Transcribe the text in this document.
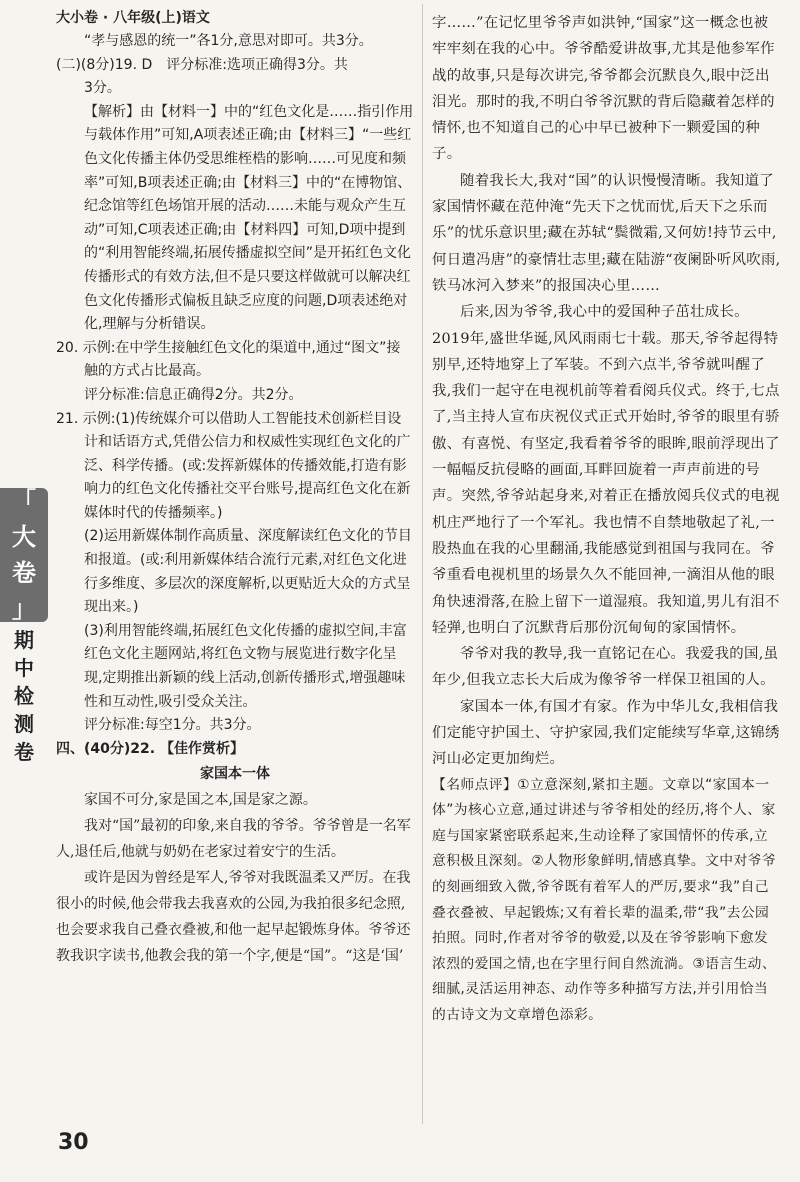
大小卷 · 八年级(上)语文
「
大
卷
」
期中检测卷

“孝与感恩的统一”各1分,意思对即可。共3分。

(二)(8分)19. D　评分标准:选项正确得3分。共

3分。

【解析】由【材料一】中的“红色文化是……指引作用与载体作用”可知,A项表述正确;由【材料三】“一些红色文化传播主体仍受思维桎梏的影响……可见度和频率”可知,B项表述正确;由【材料三】中的“在博物馆、纪念馆等红色场馆开展的活动……未能与观众产生互动”可知,C项表述正确;由【材料四】可知,D项中提到的“利用智能终端,拓展传播虚拟空间”是开拓红色文化传播形式的有效方法,但不是只要这样做就可以解决红色文化传播形式偏板且缺乏应度的问题,D项表述绝对化,理解与分析错误。

20. 示例:在中学生接触红色文化的渠道中,通过“图文”接触的方式占比最高。

评分标准:信息正确得2分。共2分。

21. 示例:(1)传统媒介可以借助人工智能技术创新栏目设计和话语方式,凭借公信力和权威性实现红色文化的广泛、科学传播。(或:发挥新媒体的传播效能,打造有影响力的红色文化传播社交平台账号,提高红色文化在新媒体时代的传播频率。)

(2)运用新媒体制作高质量、深度解读红色文化的节目和报道。(或:利用新媒体结合流行元素,对红色文化进行多维度、多层次的深度解析,以更贴近大众的方式呈现出来。)

(3)利用智能终端,拓展红色文化传播的虚拟空间,丰富红色文化主题网站,将红色文物与展览进行数字化呈现,定期推出新颖的线上活动,创新传播形式,增强趣味性和互动性,吸引受众关注。

评分标准:每空1分。共3分。

四、(40分)22. 【佳作赏析】

家国本一体

家国不可分,家是国之本,国是家之源。

我对“国”最初的印象,来自我的爷爷。爷爷曾是一名军人,退任后,他就与奶奶在老家过着安宁的生活。

或许是因为曾经是军人,爷爷对我既温柔又严厉。在我很小的时候,他会带我去我喜欢的公园,为我拍很多纪念照,也会要求我自己叠衣叠被,和他一起早起锻炼身体。爷爷还教我识字读书,他教会我的第一个字,便是“国”。“这是‘国’

字……”在记忆里爷爷声如洪钟,“国家”这一概念也被牢牢刻在我的心中。爷爷酷爱讲故事,尤其是他参军作战的故事,只是每次讲完,爷爷都会沉默良久,眼中泛出泪光。那时的我,不明白爷爷沉默的背后隐藏着怎样的情怀,也不知道自己的心中早已被种下一颗爱国的种子。

随着我长大,我对“国”的认识慢慢清晰。我知道了家国情怀藏在范仲淹“先天下之忧而忧,后天下之乐而乐”的忧乐意识里;藏在苏轼“鬓微霜,又何妨!持节云中,何日遣冯唐”的豪情壮志里;藏在陆游“夜阑卧听风吹雨,铁马冰河入梦来”的报国决心里……

后来,因为爷爷,我心中的爱国种子茁壮成长。2019年,盛世华诞,风风雨雨七十载。那天,爷爷起得特别早,还特地穿上了军装。不到六点半,爷爷就叫醒了我,我们一起守在电视机前等着看阅兵仪式。终于,七点了,当主持人宣布庆祝仪式正式开始时,爷爷的眼里有骄傲、有喜悦、有坚定,我看着爷爷的眼眸,眼前浮现出了一幅幅反抗侵略的画面,耳畔回旋着一声声前进的号声。突然,爷爷站起身来,对着正在播放阅兵仪式的电视机庄严地行了一个军礼。我也情不自禁地敬起了礼,一股热血在我的心里翻涌,我能感觉到祖国与我同在。爷爷重看电视机里的场景久久不能回神,一滴泪从他的眼角快速滑落,在脸上留下一道湿痕。我知道,男儿有泪不轻弹,也明白了沉默背后那份沉甸甸的家国情怀。

爷爷对我的教导,我一直铭记在心。我爱我的国,虽年少,但我立志长大后成为像爷爷一样保卫祖国的人。

家国本一体,有国才有家。作为中华儿女,我相信我们定能守护国土、守护家园,我们定能续写华章,这锦绣河山必定更加绚烂。

【名师点评】①立意深刻,紧扣主题。文章以“家国本一体”为核心立意,通过讲述与爷爷相处的经历,将个人、家庭与国家紧密联系起来,生动诠释了家国情怀的传承,立意积极且深刻。②人物形象鲜明,情感真挚。文中对爷爷的刻画细致入微,爷爷既有着军人的严厉,要求“我”自己叠衣叠被、早起锻炼;又有着长辈的温柔,带“我”去公园拍照。同时,作者对爷爷的敬爱,以及在爷爷影响下愈发浓烈的爱国之情,也在字里行间自然流淌。③语言生动、细腻,灵活运用神态、动作等多种描写方法,并引用恰当的古诗文为文章增色添彩。

30
